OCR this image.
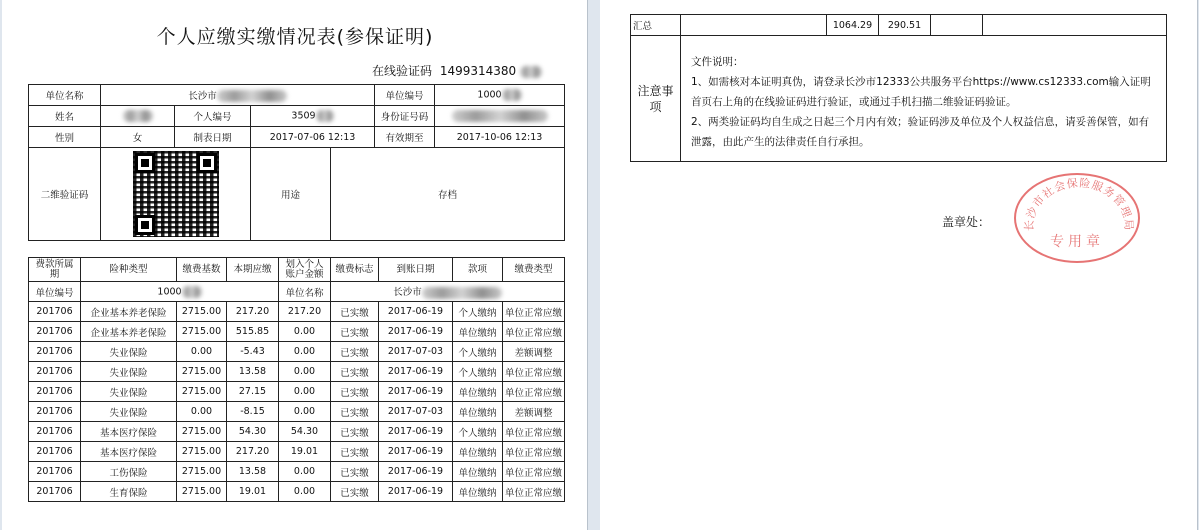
个人应缴实缴情况表(参保证明)
在线验证码 1499314380
单位名称	长沙市				单位编号	1000
姓名		个人编号	3509		身份证号码	
性别	女	制表日期	2017-07-06 12:13		有效期至	2017-10-06 12:13
二维验证码			用途	存档		
费款所属期	险种类型	缴费基数	本期应缴	划入个人账户金额	缴费标志	到账日期	款项	缴费类型
单位编号	1000			单位名称	长沙市			
201706	企业基本养老保险	2715.00	217.20	217.20	已实缴	2017-06-19	个人缴纳	单位正常应缴
201706	企业基本养老保险	2715.00	515.85	0.00	已实缴	2017-06-19	单位缴纳	单位正常应缴
201706	失业保险	0.00	-5.43	0.00	已实缴	2017-07-03	个人缴纳	差额调整
201706	失业保险	2715.00	13.58	0.00	已实缴	2017-06-19	个人缴纳	单位正常应缴
201706	失业保险	2715.00	27.15	0.00	已实缴	2017-06-19	单位缴纳	单位正常应缴
201706	失业保险	0.00	-8.15	0.00	已实缴	2017-07-03	单位缴纳	差额调整
201706	基本医疗保险	2715.00	54.30	54.30	已实缴	2017-06-19	个人缴纳	单位正常应缴
201706	基本医疗保险	2715.00	217.20	19.01	已实缴	2017-06-19	单位缴纳	单位正常应缴
201706	工伤保险	2715.00	13.58	0.00	已实缴	2017-06-19	单位缴纳	单位正常应缴
201706	生育保险	2715.00	19.01	0.00	已实缴	2017-06-19	单位缴纳	单位正常应缴
汇总		1064.29	290.51		

注意事项	文件说明：

1、如需核对本证明真伪，请登录长沙市12333公共服务平台https://www.cs12333.com输入证明首页右上角的在线验证码进行验证，或通过手机扫描二维验证码验证。

2、两类验证码均自生成之日起三个月内有效；验证码涉及单位及个人权益信息，请妥善保管，如有泄露，由此产生的法律责任自行承担。				

盖章处：	长沙市社会保险服务管理局
专用章
